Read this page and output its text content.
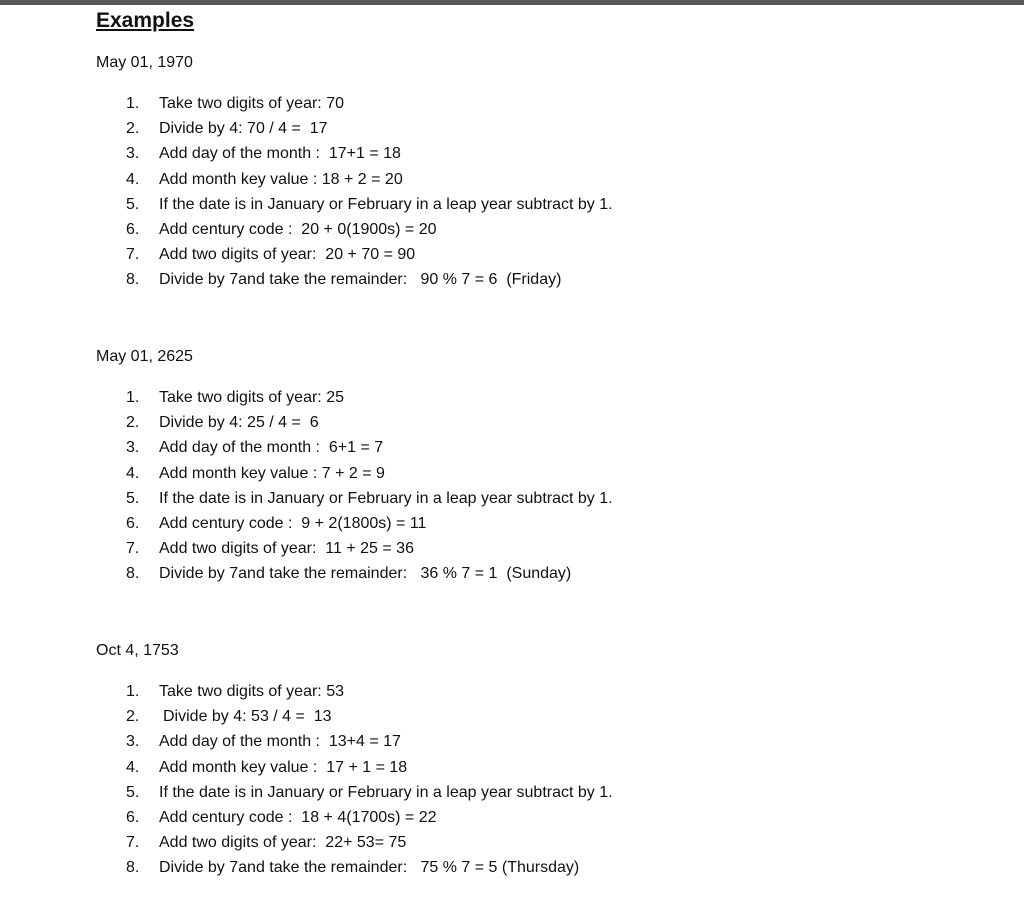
Examples

May 01, 1970

1. Take two digits of year: 70
2. Divide by 4: 70 / 4 =  17
3. Add day of the month :  17+1 = 18
4. Add month key value : 18 + 2 = 20
5. If the date is in January or February in a leap year subtract by 1.
6. Add century code :  20 + 0(1900s) = 20
7. Add two digits of year:  20 + 70 = 90
8. Divide by 7and take the remainder:   90 % 7 = 6  (Friday)

May 01, 2625

1. Take two digits of year: 25
2. Divide by 4: 25 / 4 =  6
3. Add day of the month :  6+1 = 7
4. Add month key value : 7 + 2 = 9
5. If the date is in January or February in a leap year subtract by 1.
6. Add century code :  9 + 2(1800s) = 11
7. Add two digits of year:  11 + 25 = 36
8. Divide by 7and take the remainder:   36 % 7 = 1  (Sunday)

Oct 4, 1753

1. Take two digits of year: 53
2. Divide by 4: 53 / 4 =  13
3. Add day of the month :  13+4 = 17
4. Add month key value :  17 + 1 = 18
5. If the date is in January or February in a leap year subtract by 1.
6. Add century code :  18 + 4(1700s) = 22
7. Add two digits of year:  22+ 53= 75
8. Divide by 7and take the remainder:   75 % 7 = 5 (Thursday)
